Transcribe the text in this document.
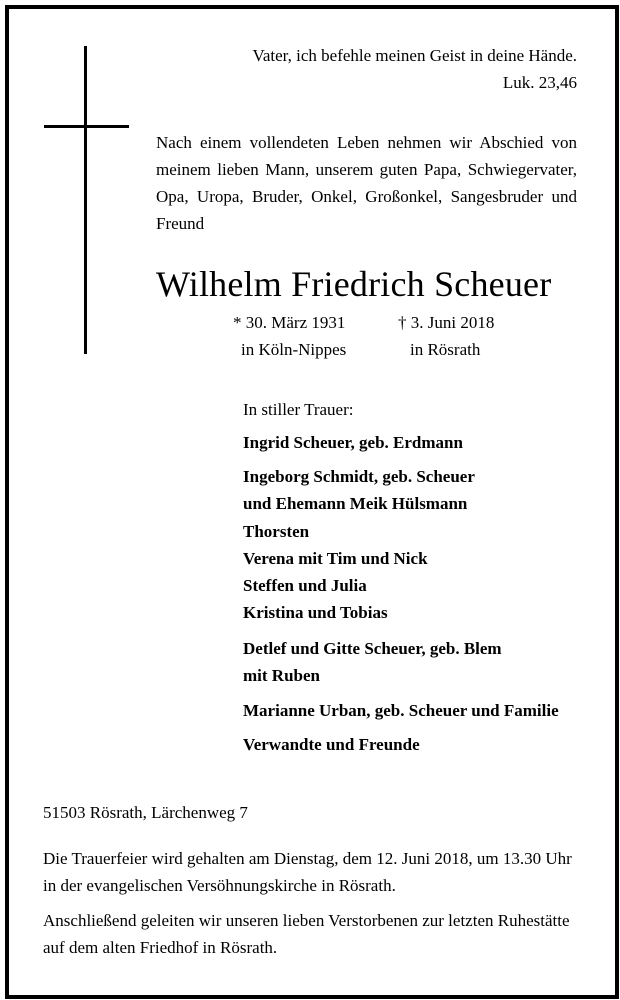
Vater, ich befehle meinen Geist in deine Hände.
Luk. 23,46
Nach einem vollendeten Leben nehmen wir Abschied von meinem lieben Mann, unserem guten Papa, Schwiegervater, Opa, Uropa, Bruder, Onkel, Großonkel, Sangesbruder und Freund
Wilhelm Friedrich Scheuer
* 30. März 1931	† 3. Juni 2018
in Köln-Nippes	in Rösrath
In stiller Trauer:
Ingrid Scheuer, geb. Erdmann
Ingeborg Schmidt, geb. Scheuer
und Ehemann Meik Hülsmann
Thorsten
Verena mit Tim und Nick
Steffen und Julia
Kristina und Tobias
Detlef und Gitte Scheuer, geb. Blem
mit Ruben
Marianne Urban, geb. Scheuer und Familie
Verwandte und Freunde
51503 Rösrath, Lärchenweg 7
Die Trauerfeier wird gehalten am Dienstag, dem 12. Juni 2018, um 13.30 Uhr
in der evangelischen Versöhnungskirche in Rösrath.
Anschließend geleiten wir unseren lieben Verstorbenen zur letzten Ruhestätte
auf dem alten Friedhof in Rösrath.
